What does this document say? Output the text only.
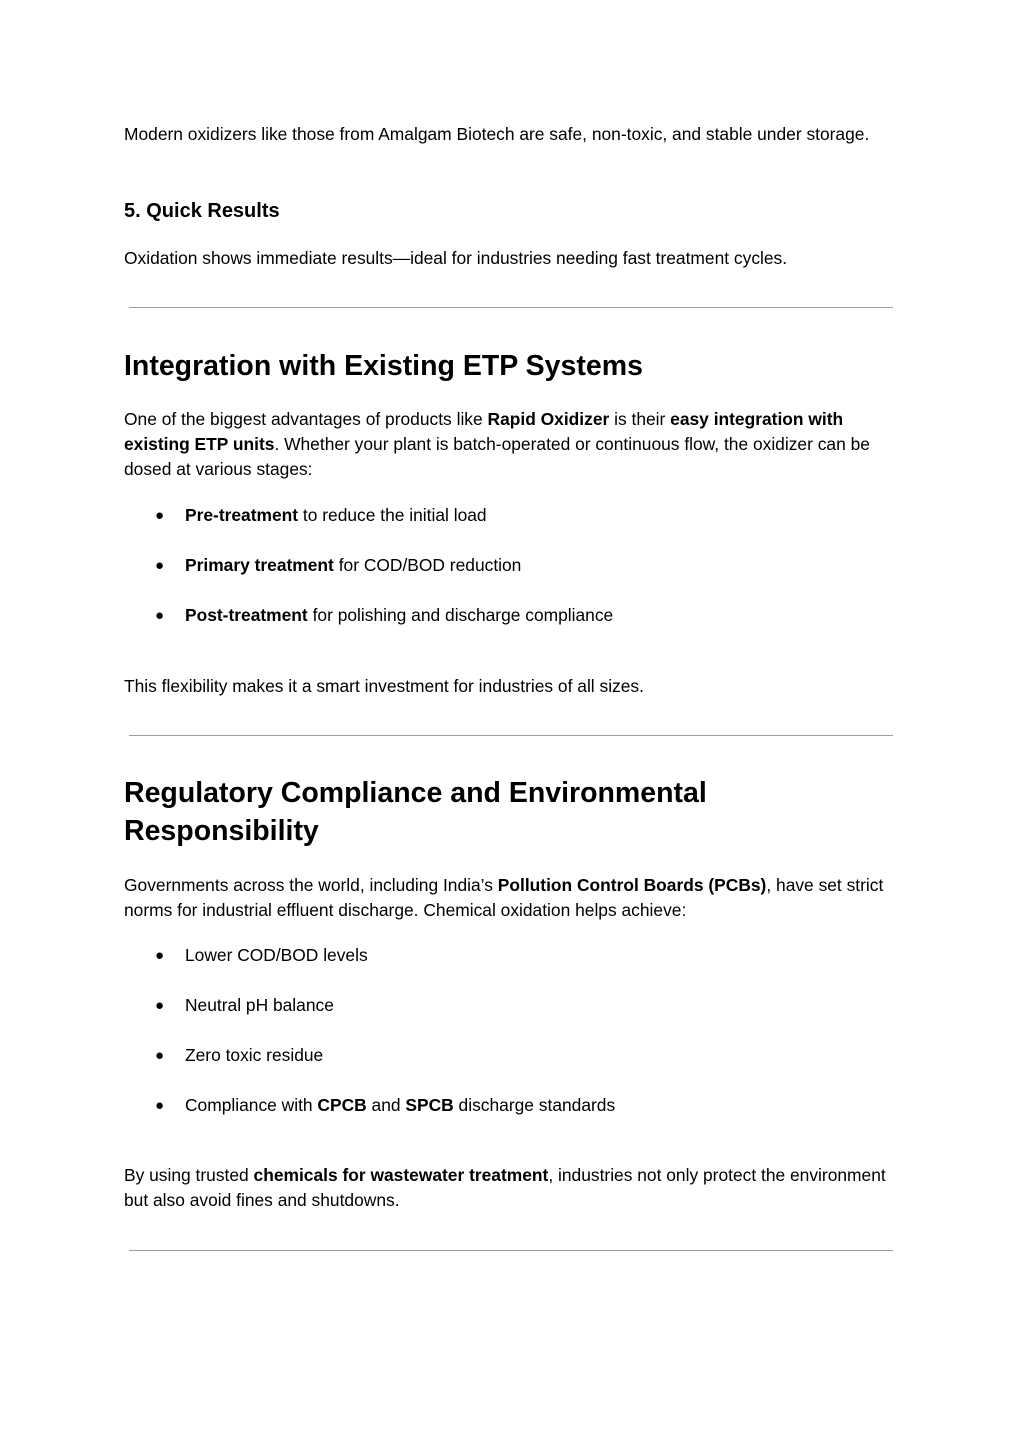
Modern oxidizers like those from Amalgam Biotech are safe, non-toxic, and stable under storage.

5. Quick Results

Oxidation shows immediate results—ideal for industries needing fast treatment cycles.

Integration with Existing ETP Systems

One of the biggest advantages of products like Rapid Oxidizer is their easy integration with existing ETP units. Whether your plant is batch-operated or continuous flow, the oxidizer can be dosed at various stages:

● Pre-treatment to reduce the initial load
● Primary treatment for COD/BOD reduction
● Post-treatment for polishing and discharge compliance

This flexibility makes it a smart investment for industries of all sizes.

Regulatory Compliance and Environmental Responsibility

Governments across the world, including India’s Pollution Control Boards (PCBs), have set strict norms for industrial effluent discharge. Chemical oxidation helps achieve:

● Lower COD/BOD levels
● Neutral pH balance
● Zero toxic residue
● Compliance with CPCB and SPCB discharge standards

By using trusted chemicals for wastewater treatment, industries not only protect the environment but also avoid fines and shutdowns.
